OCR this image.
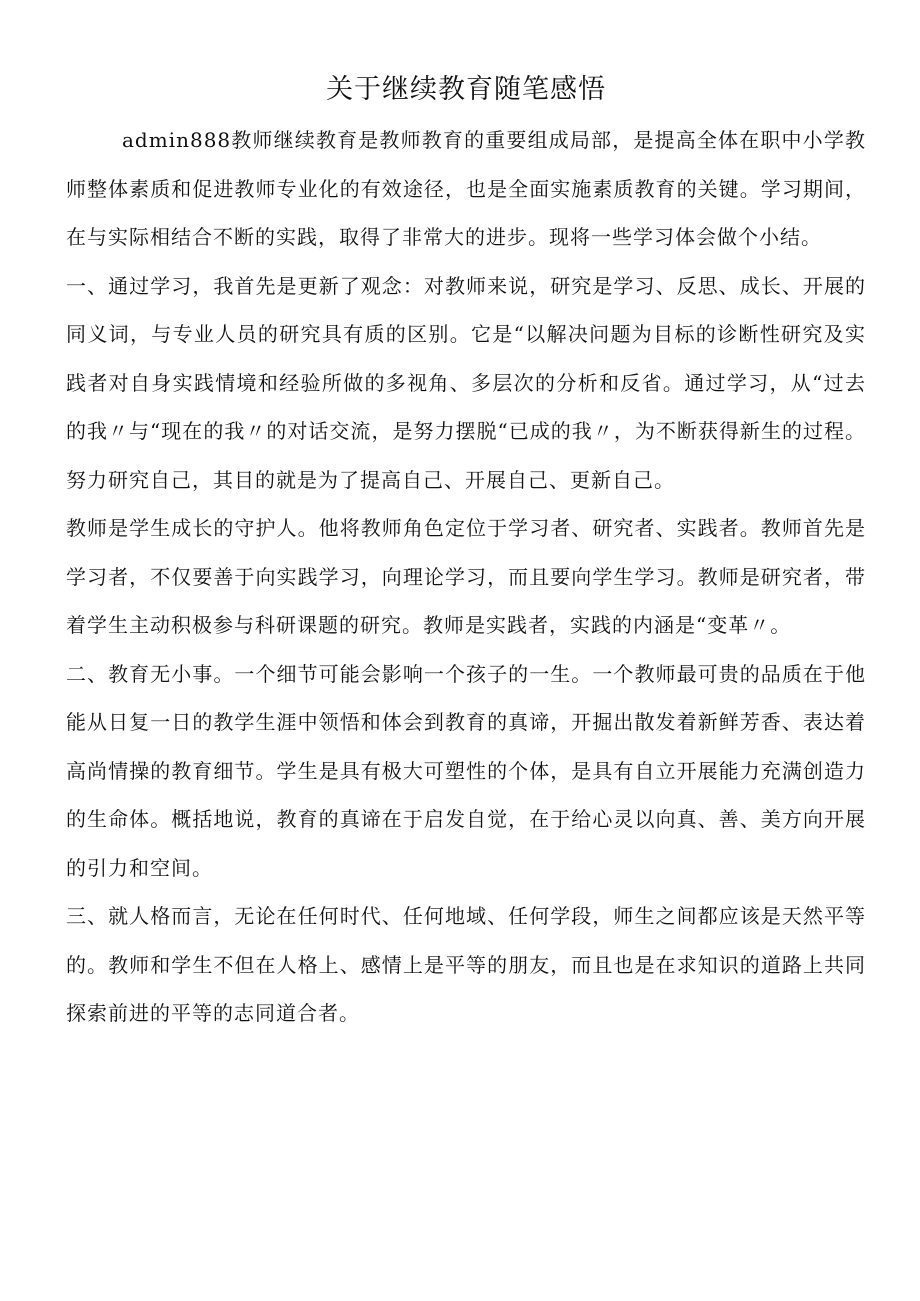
关于继续教育随笔感悟

admin888教师继续教育是教师教育的重要组成局部，是提高全体在职中小学教师整体素质和促进教师专业化的有效途径，也是全面实施素质教育的关键。学习期间，在与实际相结合不断的实践，取得了非常大的进步。现将一些学习体会做个小结。

一、通过学习，我首先是更新了观念：对教师来说，研究是学习、反思、成长、开展的同义词，与专业人员的研究具有质的区别。它是“以解决问题为目标的诊断性研究及实践者对自身实践情境和经验所做的多视角、多层次的分析和反省。通过学习，从“过去的我〃与“现在的我〃的对话交流，是努力摆脱“已成的我〃，为不断获得新生的过程。努力研究自己，其目的就是为了提高自己、开展自己、更新自己。

教师是学生成长的守护人。他将教师角色定位于学习者、研究者、实践者。教师首先是学习者，不仅要善于向实践学习，向理论学习，而且要向学生学习。教师是研究者，带着学生主动积极参与科研课题的研究。教师是实践者，实践的内涵是“变革〃。

二、教育无小事。一个细节可能会影响一个孩子的一生。一个教师最可贵的品质在于他能从日复一日的教学生涯中领悟和体会到教育的真谛，开掘出散发着新鲜芳香、表达着高尚情操的教育细节。学生是具有极大可塑性的个体，是具有自立开展能力充满创造力的生命体。概括地说，教育的真谛在于启发自觉，在于给心灵以向真、善、美方向开展的引力和空间。

三、就人格而言，无论在任何时代、任何地域、任何学段，师生之间都应该是天然平等的。教师和学生不但在人格上、感情上是平等的朋友，而且也是在求知识的道路上共同探索前进的平等的志同道合者。
